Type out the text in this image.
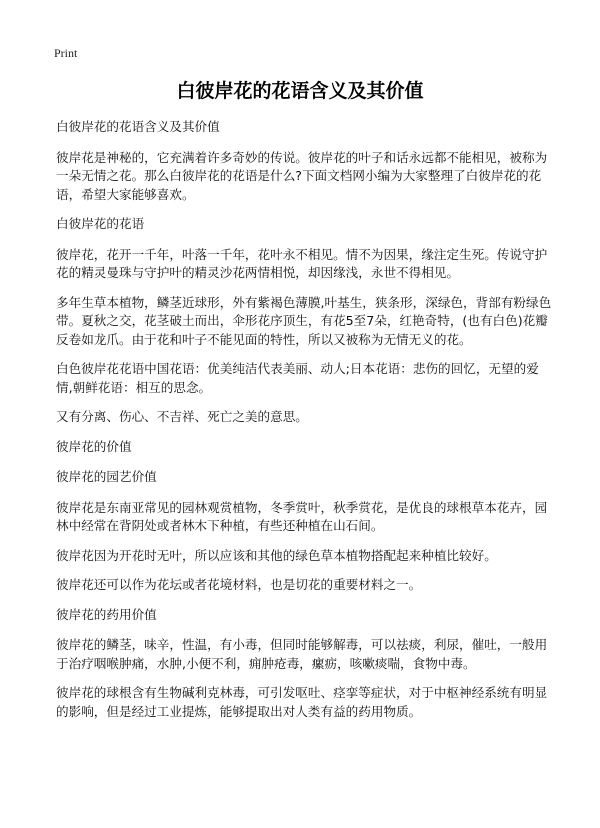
Print
白彼岸花的花语含义及其价值

白彼岸花的花语含义及其价值

彼岸花是神秘的，它充满着许多奇妙的传说。彼岸花的叶子和话永远都不能相见，被称为一朵无情之花。那么白彼岸花的花语是什么?下面文档网小编为大家整理了白彼岸花的花语，希望大家能够喜欢。

白彼岸花的花语

彼岸花，花开一千年，叶落一千年，花叶永不相见。情不为因果，缘注定生死。传说守护花的精灵曼珠与守护叶的精灵沙花两情相悦，却因缘浅，永世不得相见。

多年生草本植物，鳞茎近球形，外有紫褐色薄膜,叶基生，狭条形，深绿色，背部有粉绿色带。夏秋之交，花茎破土而出，伞形花序顶生，有花5至7朵，红艳奇特，(也有白色)花瓣反卷如龙爪。由于花和叶子不能见面的特性，所以又被称为无情无义的花。

白色彼岸花花语中国花语：优美纯洁代表美丽、动人;日本花语：悲伤的回忆，无望的爱情,朝鲜花语：相互的思念。

又有分离、伤心、不吉祥、死亡之美的意思。

彼岸花的价值

彼岸花的园艺价值

彼岸花是东南亚常见的园林观赏植物，冬季赏叶，秋季赏花，是优良的球根草本花卉，园林中经常在背阴处或者林木下种植，有些还种植在山石间。

彼岸花因为开花时无叶，所以应该和其他的绿色草本植物搭配起来种植比较好。

彼岸花还可以作为花坛或者花境材料，也是切花的重要材料之一。

彼岸花的药用价值

彼岸花的鳞茎，味辛，性温，有小毒，但同时能够解毒，可以祛痰，利尿，催吐，一般用于治疗咽喉肿痛，水肿,小便不利，痈肿疮毒，瘰疬，咳嗽痰喘，食物中毒。

彼岸花的球根含有生物碱利克林毒，可引发呕吐、痉挛等症状，对于中枢神经系统有明显的影响，但是经过工业提炼，能够提取出对人类有益的药用物质。
